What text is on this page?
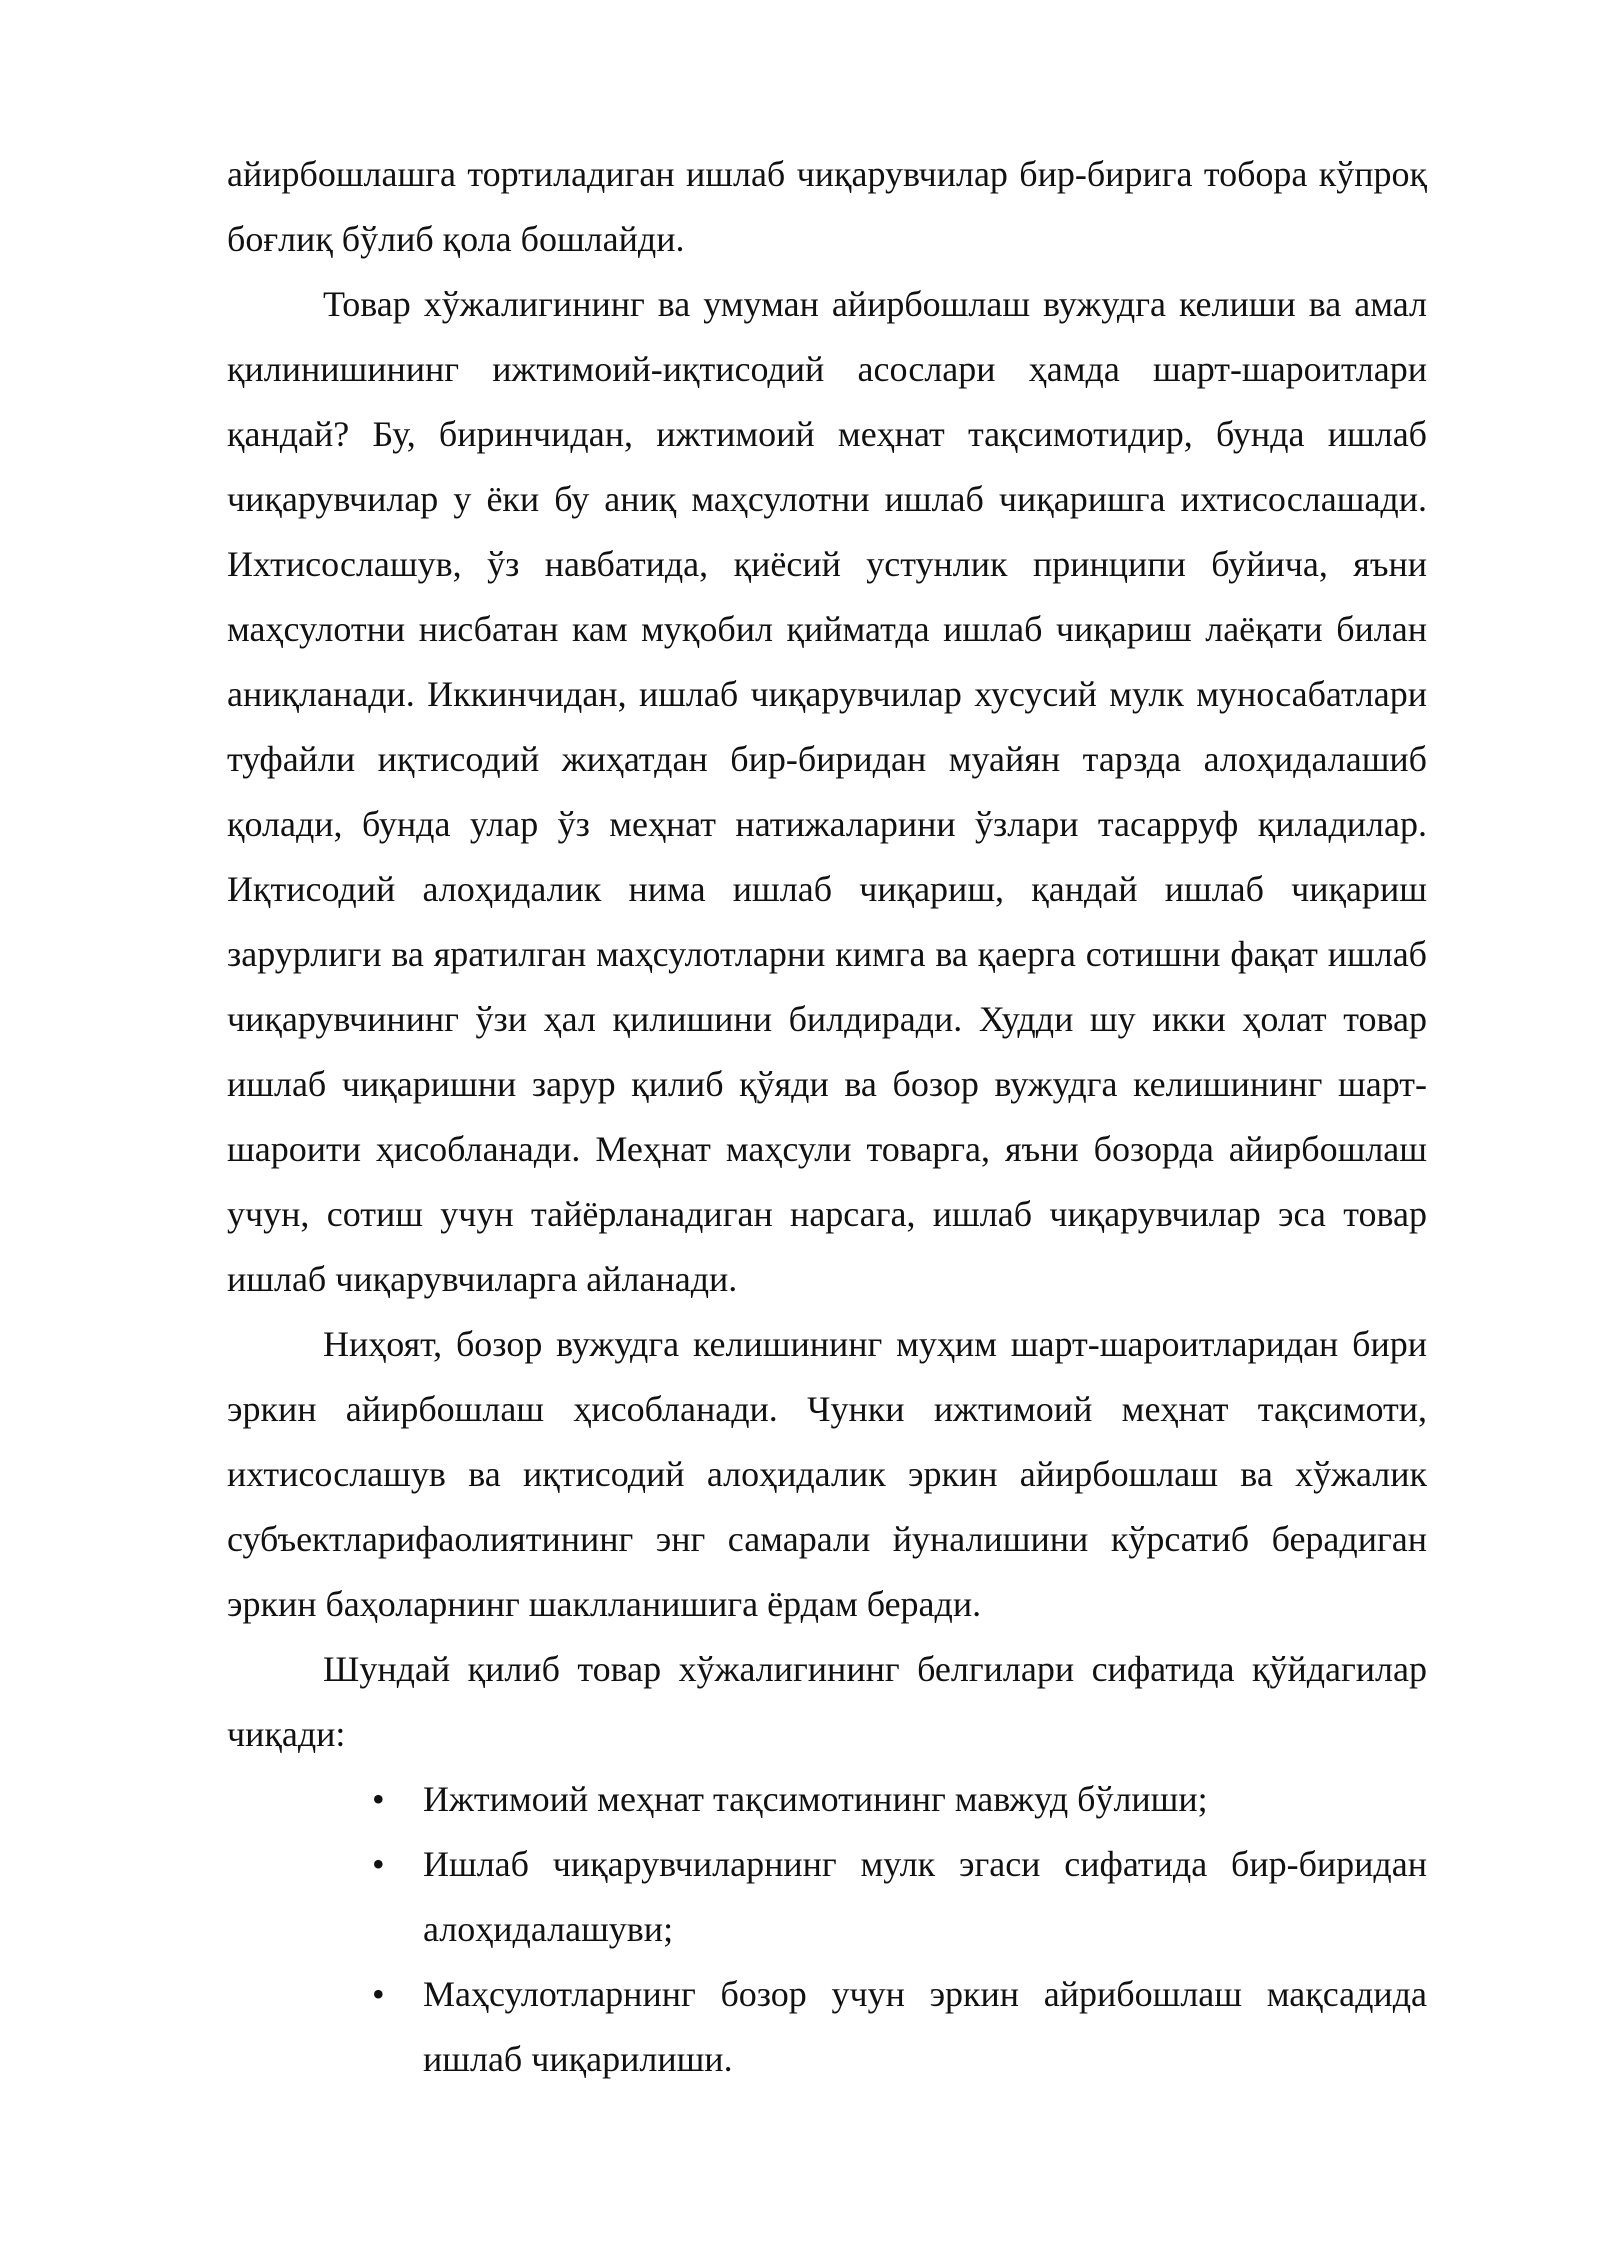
айирбошлашга тортиладиган ишлаб чиқарувчилар бир-бирига тобора кўпроқ боғлиқ бўлиб қола бошлайди.

Товар хўжалигининг ва умуман айирбошлаш вужудга келиши ва амал қилинишининг ижтимоий-иқтисодий асослари ҳамда шарт-шароитлари қандай? Бу, биринчидан, ижтимоий меҳнат тақсимотидир, бунда ишлаб чиқарувчилар у ёки бу аниқ маҳсулотни ишлаб чиқаришга ихтисослашади. Ихтисослашув, ўз навбатида, қиёсий устунлик принципи буйича, яъни маҳсулотни нисбатан кам муқобил қийматда ишлаб чиқариш лаёқати билан аниқланади. Иккинчидан, ишлаб чиқарувчилар хусусий мулк муносабатлари туфайли иқтисодий жиҳатдан бир-биридан муайян тарзда алоҳидалашиб қолади, бунда улар ўз меҳнат натижаларини ўзлари тасарруф қиладилар. Иқтисодий алоҳидалик нима ишлаб чиқариш, қандай ишлаб чиқариш зарурлиги ва яратилган маҳсулотларни кимга ва қаерга сотишни фақат ишлаб чиқарувчининг ўзи ҳал қилишини билдиради. Худди шу икки ҳолат товар ишлаб чиқаришни зарур қилиб қўяди ва бозор вужудга келишининг шарт-шароити ҳисобланади. Меҳнат маҳсули товарга, яъни бозорда айирбошлаш учун, сотиш учун тайёрланадиган нарсага, ишлаб чиқарувчилар эса товар ишлаб чиқарувчиларга айланади.

Ниҳоят, бозор вужудга келишининг муҳим шарт-шароитларидан бири эркин айирбошлаш ҳисобланади. Чунки ижтимоий меҳнат тақсимоти, ихтисослашув ва иқтисодий алоҳидалик эркин айирбошлаш ва хўжалик субъектларифаолиятининг энг самарали йуналишини кўрсатиб берадиган эркин баҳоларнинг шаклланишига ёрдам беради.

Шундай қилиб товар хўжалигининг белгилари сифатида қўйдагилар чиқади:

• Ижтимоий меҳнат тақсимотининг мавжуд бўлиши;
• Ишлаб чиқарувчиларнинг мулк эгаси сифатида бир-биридан алоҳидалашуви;
• Маҳсулотларнинг бозор учун эркин айрибошлаш мақсадида ишлаб чиқарилиши.
